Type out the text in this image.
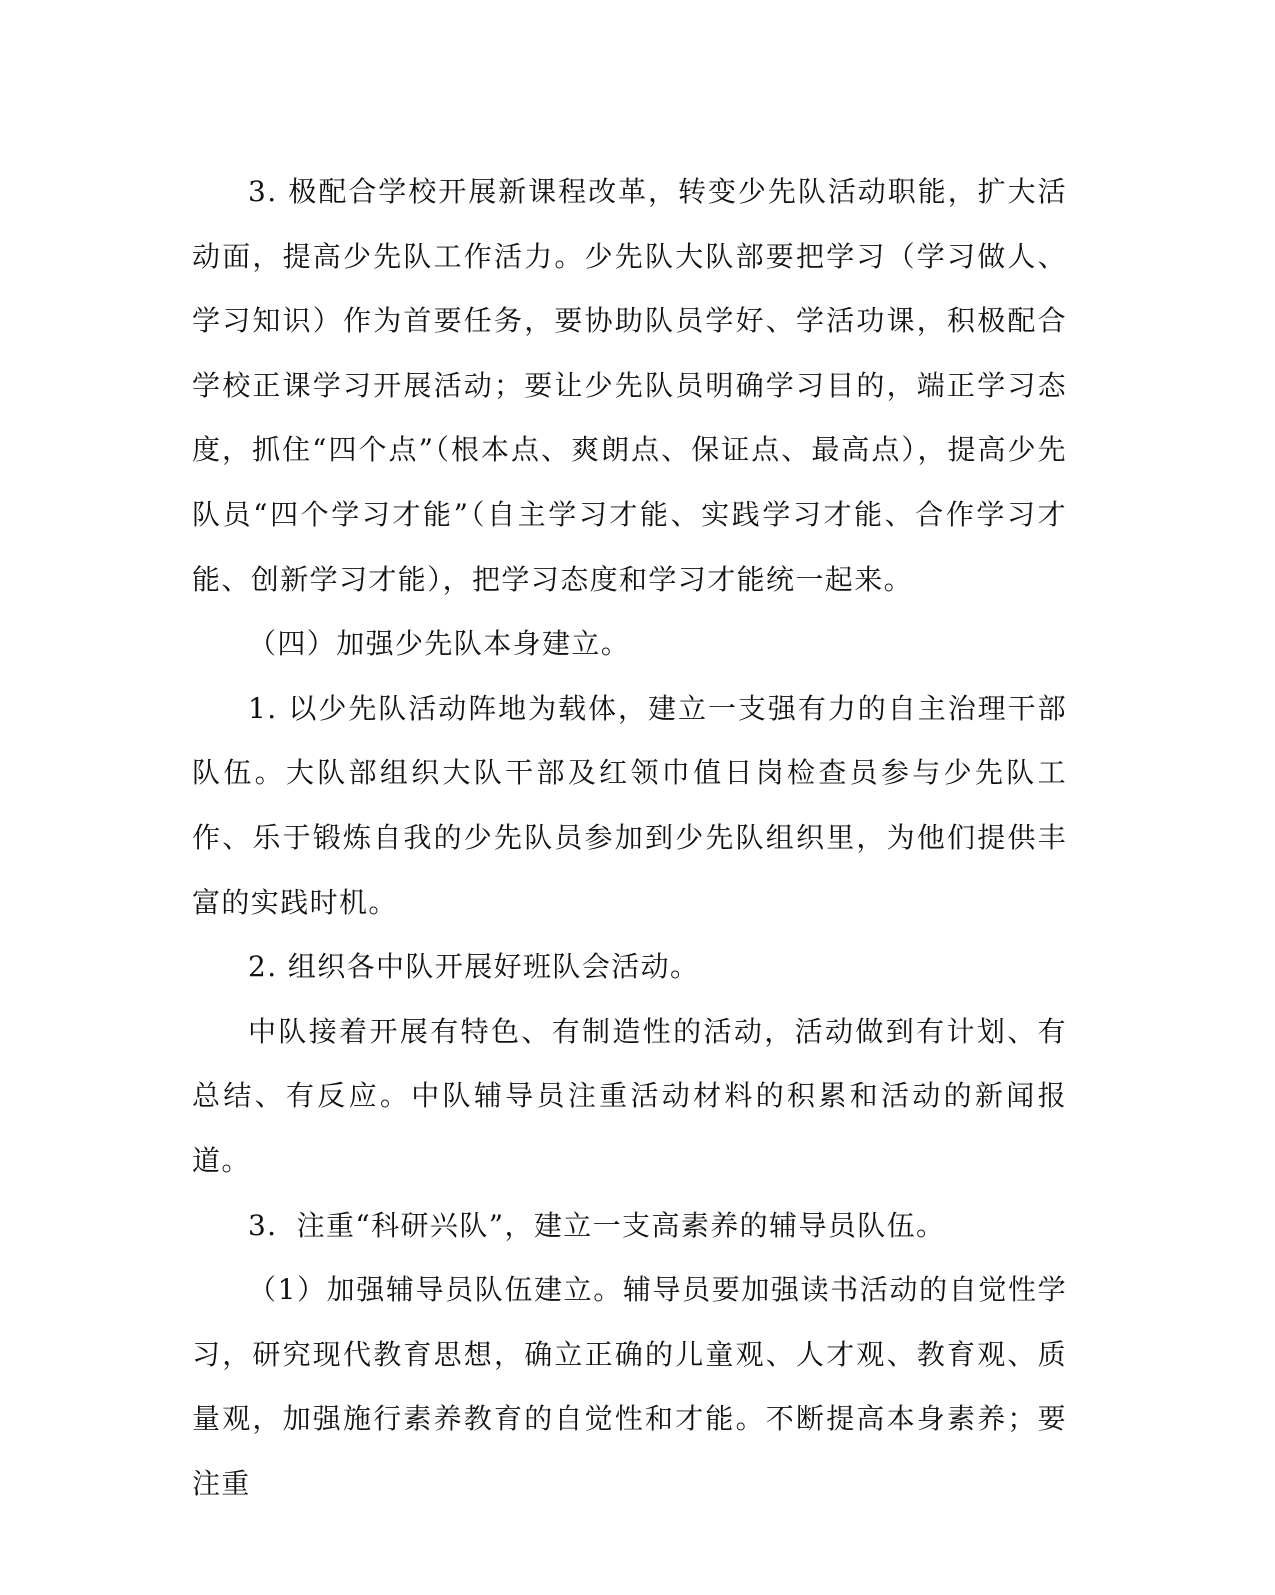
3. 极配合学校开展新课程改革，转变少先队活动职能，扩大活动面，提高少先队工作活力。少先队大队部要把学习（学习做人、学习知识）作为首要任务，要协助队员学好、学活功课，积极配合学校正课学习开展活动；要让少先队员明确学习目的，端正学习态度，抓住“四个点”（根本点、爽朗点、保证点、最高点），提高少先队员“四个学习才能”（自主学习才能、实践学习才能、合作学习才能、创新学习才能），把学习态度和学习才能统一起来。

（四）加强少先队本身建立。

1. 以少先队活动阵地为载体，建立一支强有力的自主治理干部队伍。大队部组织大队干部及红领巾值日岗检查员参与少先队工作、乐于锻炼自我的少先队员参加到少先队组织里，为他们提供丰富的实践时机。

2. 组织各中队开展好班队会活动。

中队接着开展有特色、有制造性的活动，活动做到有计划、有总结、有反应。中队辅导员注重活动材料的积累和活动的新闻报道。

3．注重“科研兴队”，建立一支高素养的辅导员队伍。

（1）加强辅导员队伍建立。辅导员要加强读书活动的自觉性学习，研究现代教育思想，确立正确的儿童观、人才观、教育观、质量观，加强施行素养教育的自觉性和才能。不断提高本身素养；要注重
